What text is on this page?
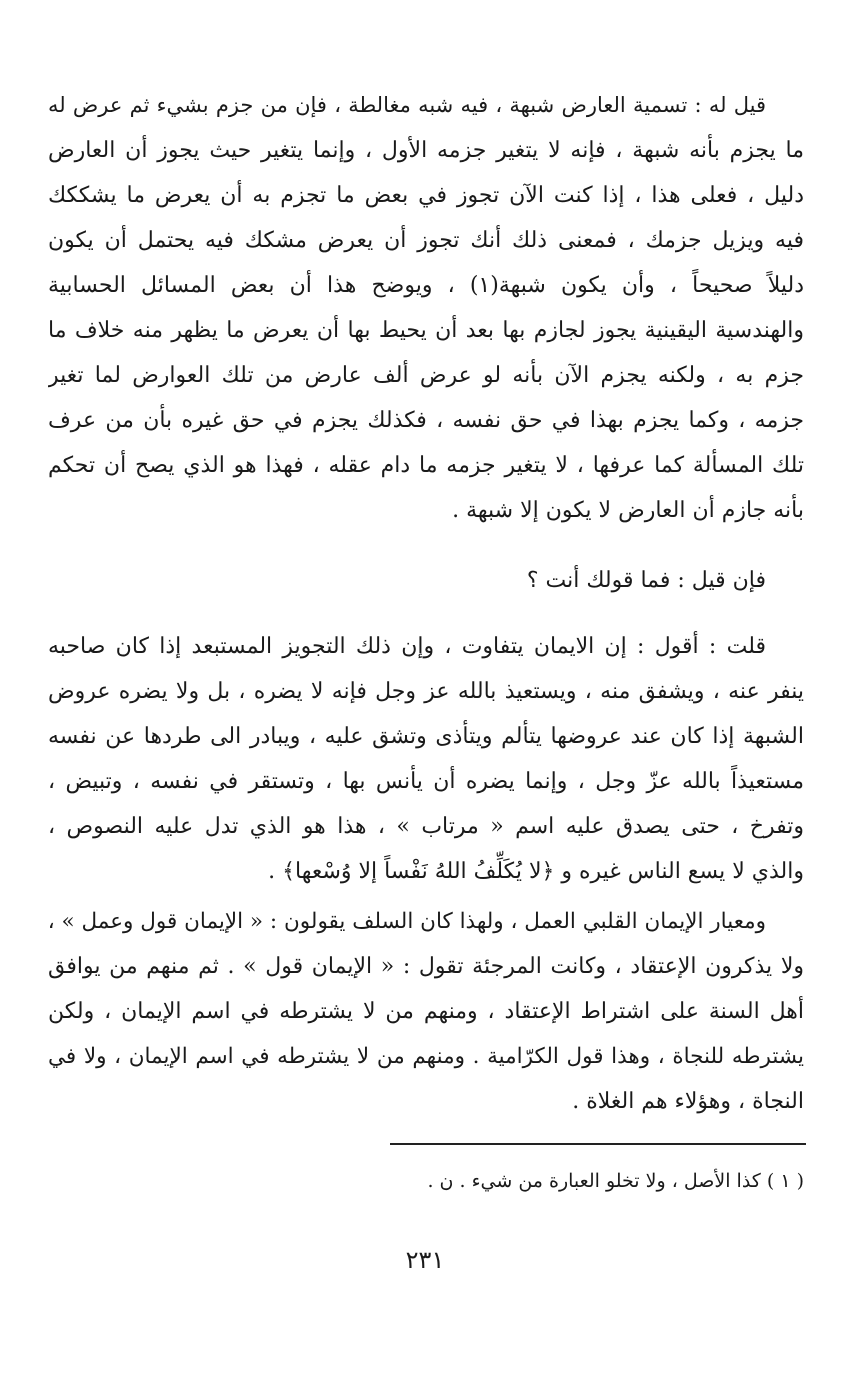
قيل له : تسمية العارض شبهة ، فيه شبه مغالطة ، فإن من جزم بشيء ثم عرض له
ما يجزم بأنه شبهة ، فإنه لا يتغير جزمه الأول ، وإنما يتغير حيث يجوز أن العارض
دليل ، فعلى هذا ، إذا كنت الآن تجوز في بعض ما تجزم به أن يعرض ما يشككك
فيه ويزيل جزمك ، فمعنى ذلك أنك تجوز أن يعرض مشكك فيه يحتمل أن يكون
دليلاً صحيحاً ، وأن يكون شبهة(١) ، ويوضح هذا أن بعض المسائل الحسابية
والهندسية اليقينية يجوز لجازم بها بعد أن يحيط بها أن يعرض ما يظهر منه خلاف ما
جزم به ، ولكنه يجزم الآن بأنه لو عرض ألف عارض من تلك العوارض لما تغير
جزمه ، وكما يجزم بهذا في حق نفسه ، فكذلك يجزم في حق غيره بأن من عرف
تلك المسألة كما عرفها ، لا يتغير جزمه ما دام عقله ، فهذا هو الذي يصح أن تحكم
بأنه جازم أن العارض لا يكون إلا شبهة .
فإن قيل : فما قولك أنت ؟
قلت : أقول : إن الايمان يتفاوت ، وإن ذلك التجويز المستبعد إذا كان صاحبه
ينفر عنه ، ويشفق منه ، ويستعيذ بالله عز وجل فإنه لا يضره ، بل ولا يضره عروض
الشبهة إذا كان عند عروضها يتألم ويتأذى وتشق عليه ، ويبادر الى طردها عن نفسه
مستعيذاً بالله عزّ وجل ، وإنما يضره أن يأنس بها ، وتستقر في نفسه ، وتبيض ،
وتفرخ ، حتى يصدق عليه اسم « مرتاب » ، هذا هو الذي تدل عليه النصوص ،
والذي لا يسع الناس غيره و ﴿لا يُكَلِّفُ اللهُ نَفْساً إلا وُسْعها﴾ .
ومعيار الإيمان القلبي العمل ، ولهذا كان السلف يقولون : « الإيمان قول وعمل » ،
ولا يذكرون الإعتقاد ، وكانت المرجئة تقول : « الإيمان قول » . ثم منهم من يوافق
أهل السنة على اشتراط الإعتقاد ، ومنهم من لا يشترطه في اسم الإيمان ، ولكن
يشترطه للنجاة ، وهذا قول الكرّامية . ومنهم من لا يشترطه في اسم الإيمان ، ولا في
النجاة ، وهؤلاء هم الغلاة .
( ١ ) كذا الأصل ، ولا تخلو العبارة من شيء . ن .
٢٣١
